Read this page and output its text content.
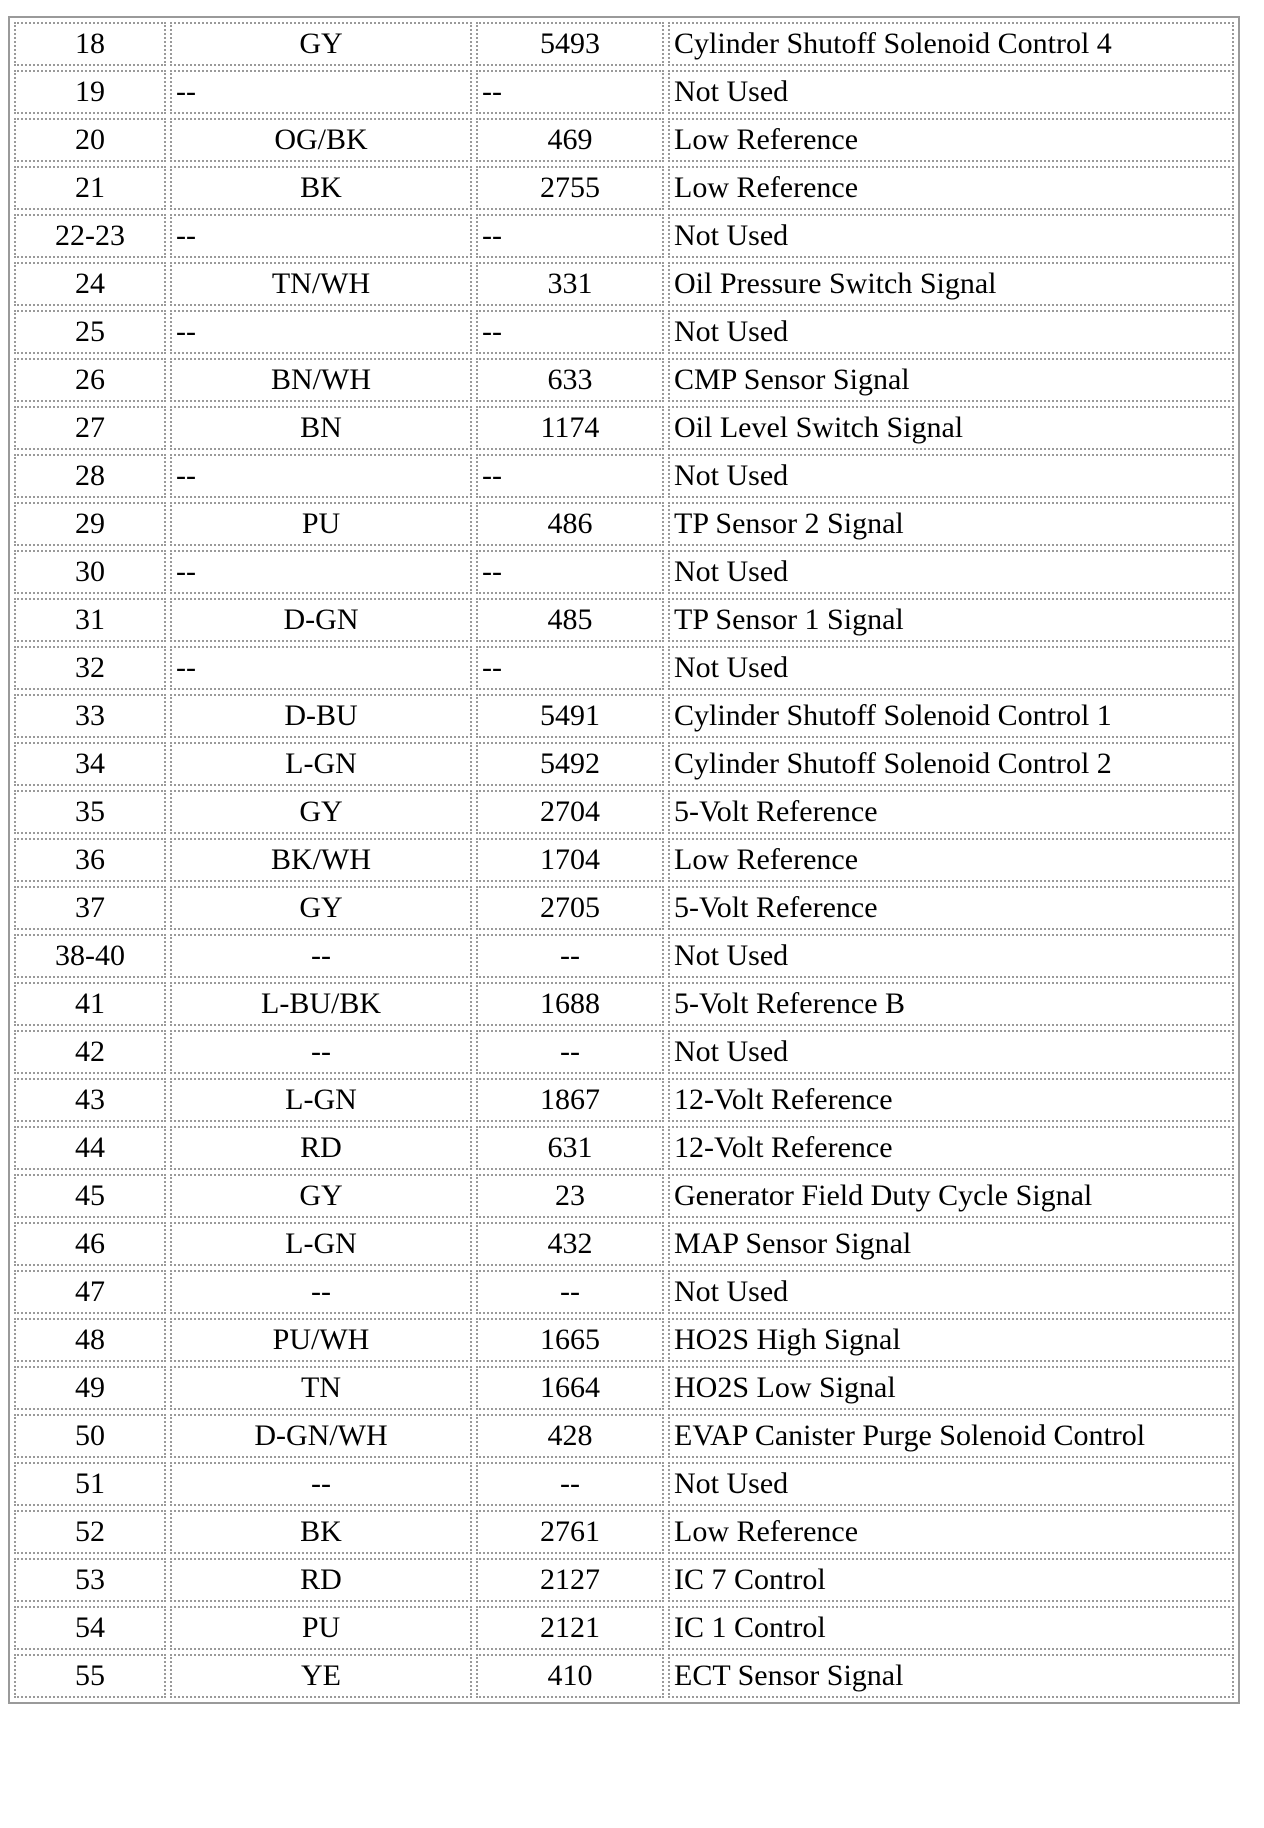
18	GY	5493	Cylinder Shutoff Solenoid Control 4
19	--	--	Not Used
20	OG/BK	469	Low Reference
21	BK	2755	Low Reference
22-23	--	--	Not Used
24	TN/WH	331	Oil Pressure Switch Signal
25	--	--	Not Used
26	BN/WH	633	CMP Sensor Signal
27	BN	1174	Oil Level Switch Signal
28	--	--	Not Used
29	PU	486	TP Sensor 2 Signal
30	--	--	Not Used
31	D-GN	485	TP Sensor 1 Signal
32	--	--	Not Used
33	D-BU	5491	Cylinder Shutoff Solenoid Control 1
34	L-GN	5492	Cylinder Shutoff Solenoid Control 2
35	GY	2704	5-Volt Reference
36	BK/WH	1704	Low Reference
37	GY	2705	5-Volt Reference
38-40	--	--	Not Used
41	L-BU/BK	1688	5-Volt Reference B
42	--	--	Not Used
43	L-GN	1867	12-Volt Reference
44	RD	631	12-Volt Reference
45	GY	23	Generator Field Duty Cycle Signal
46	L-GN	432	MAP Sensor Signal
47	--	--	Not Used
48	PU/WH	1665	HO2S High Signal
49	TN	1664	HO2S Low Signal
50	D-GN/WH	428	EVAP Canister Purge Solenoid Control
51	--	--	Not Used
52	BK	2761	Low Reference
53	RD	2127	IC 7 Control
54	PU	2121	IC 1 Control
55	YE	410	ECT Sensor Signal
